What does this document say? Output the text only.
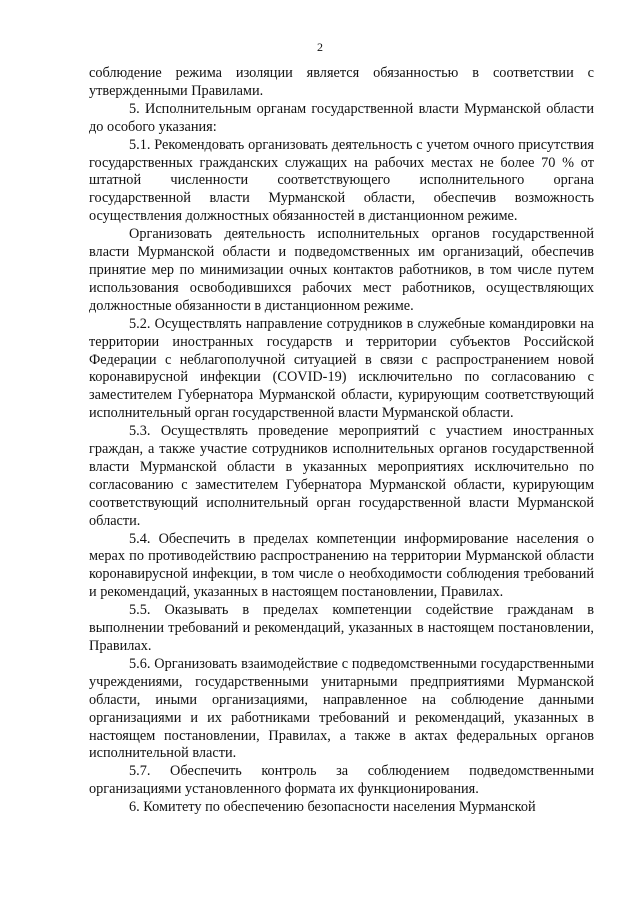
2

соблюдение режима изоляции является обязанностью в соответствии с утвержденными Правилами.

5. Исполнительным органам государственной власти Мурманской области до особого указания:

5.1. Рекомендовать организовать деятельность с учетом очного присутствия государственных гражданских служащих на рабочих местах не более 70 % от штатной численности соответствующего исполнительного органа государственной власти Мурманской области, обеспечив возможность осуществления должностных обязанностей в дистанционном режиме.

Организовать деятельность исполнительных органов государственной власти Мурманской области и подведомственных им организаций, обеспечив принятие мер по минимизации очных контактов работников, в том числе путем использования освободившихся рабочих мест работников, осуществляющих должностные обязанности в дистанционном режиме.

5.2. Осуществлять направление сотрудников в служебные командировки на территории иностранных государств и территории субъектов Российской Федерации с неблагополучной ситуацией в связи с распространением новой коронавирусной инфекции (COVID-19) исключительно по согласованию с заместителем Губернатора Мурманской области, курирующим соответствующий исполнительный орган государственной власти Мурманской области.

5.3. Осуществлять проведение мероприятий с участием иностранных граждан, а также участие сотрудников исполнительных органов государственной власти Мурманской области в указанных мероприятиях исключительно по согласованию с заместителем Губернатора Мурманской области, курирующим соответствующий исполнительный орган государственной власти Мурманской области.

5.4. Обеспечить в пределах компетенции информирование населения о мерах по противодействию распространению на территории Мурманской области коронавирусной инфекции, в том числе о необходимости соблюдения требований и рекомендаций, указанных в настоящем постановлении, Правилах.

5.5. Оказывать в пределах компетенции содействие гражданам в выполнении требований и рекомендаций, указанных в настоящем постановлении, Правилах.

5.6. Организовать взаимодействие с подведомственными государственными учреждениями, государственными унитарными предприятиями Мурманской области, иными организациями, направленное на соблюдение данными организациями и их работниками требований и рекомендаций, указанных в настоящем постановлении, Правилах, а также в актах федеральных органов исполнительной власти.

5.7. Обеспечить контроль за соблюдением подведомственными организациями установленного формата их функционирования.

6. Комитету по обеспечению безопасности населения Мурманской
